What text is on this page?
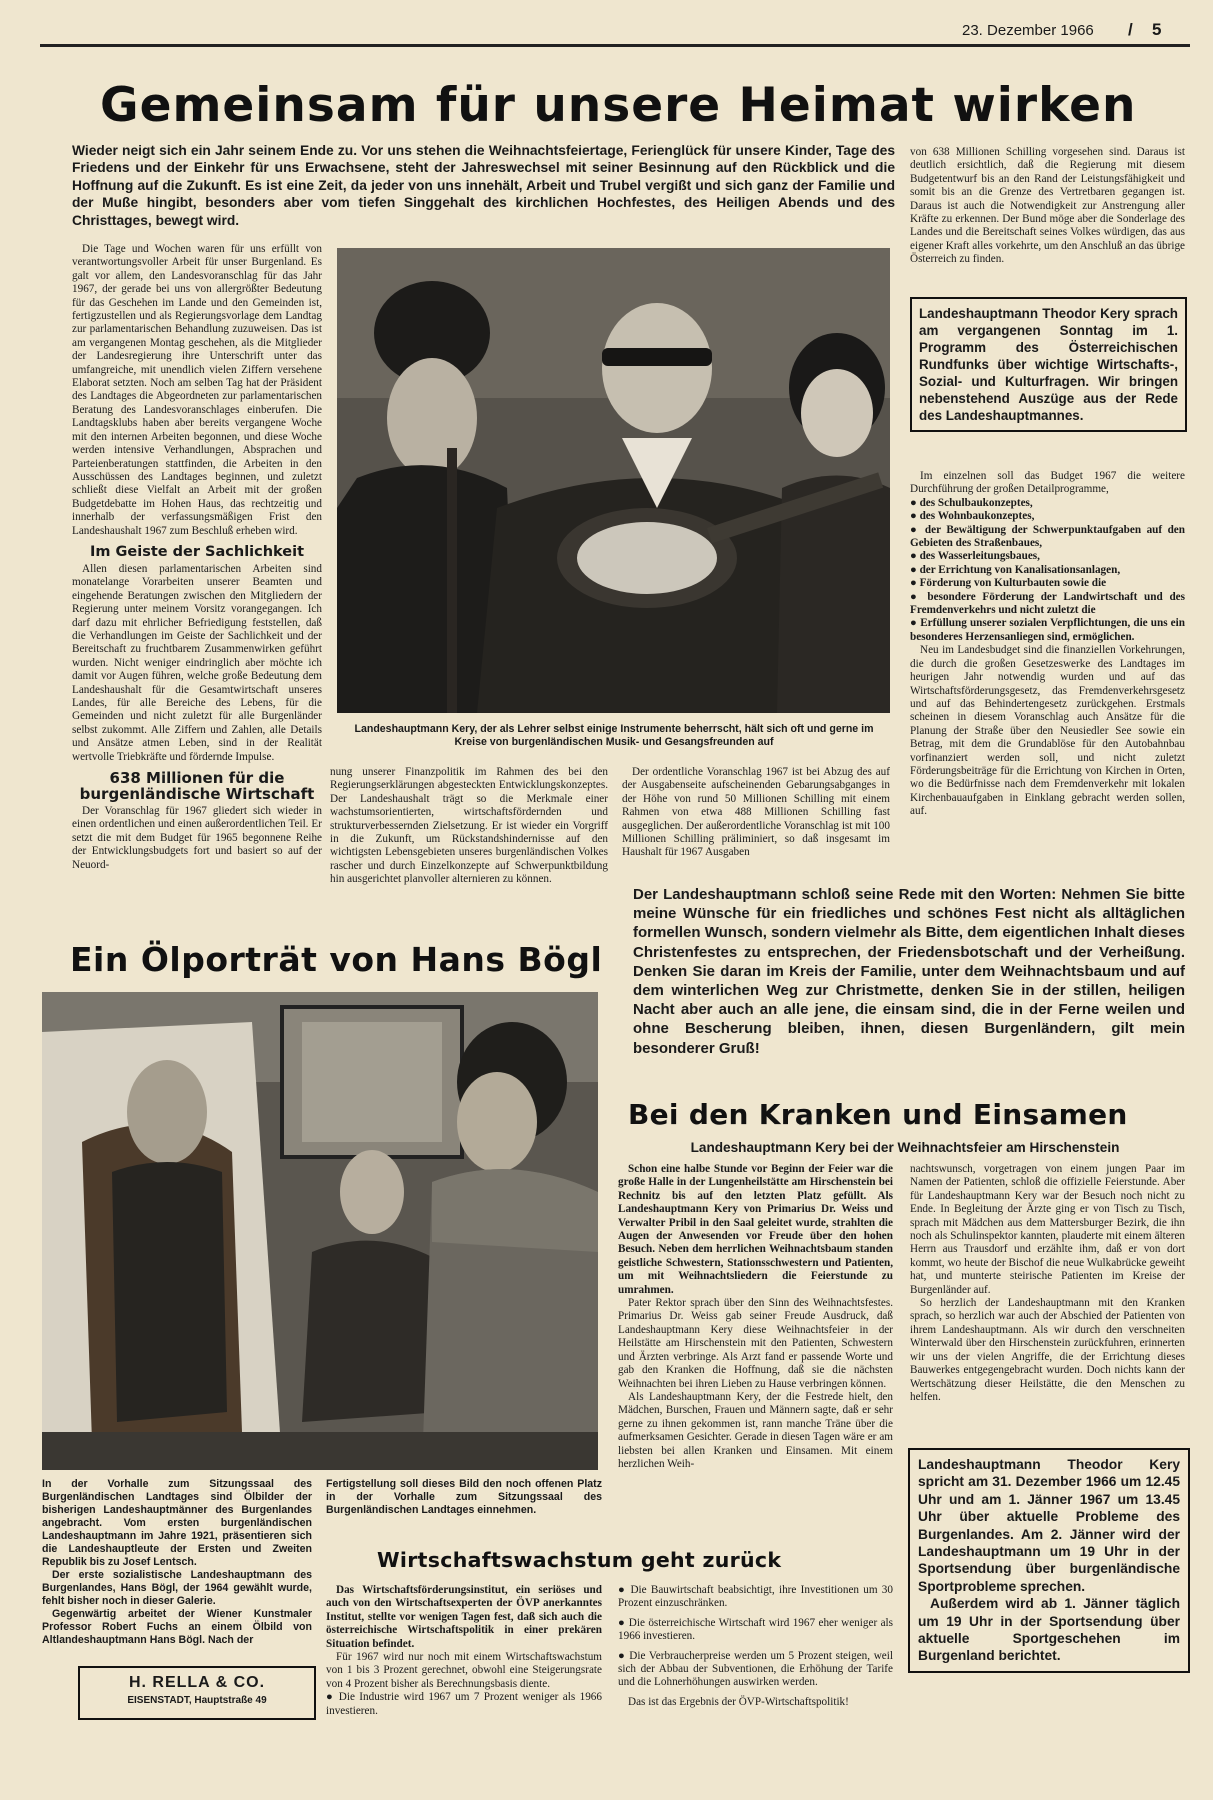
23. Dezember 1966 / 5
Gemeinsam für unsere Heimat wirken
Wieder neigt sich ein Jahr seinem Ende zu. Vor uns stehen die Weihnachtsfeiertage, Ferienglück für unsere Kinder, Tage des Friedens und der Einkehr für uns Erwachsene, steht der Jahreswechsel mit seiner Besinnung auf den Rückblick und die Hoffnung auf die Zukunft. Es ist eine Zeit, da jeder von uns innehält, Arbeit und Trubel vergißt und sich ganz der Familie und der Muße hingibt, besonders aber vom tiefen Singgehalt des kirchlichen Hochfestes, des Heiligen Abends und des Christtages, bewegt wird.

Die Tage und Wochen waren für uns erfüllt von verantwortungsvoller Arbeit für unser Burgenland. Es galt vor allem, den Landesvoranschlag für das Jahr 1967, der gerade bei uns von allergrößter Bedeutung für das Geschehen im Lande und den Gemeinden ist, fertigzustellen und als Regierungsvorlage dem Landtag zur parlamentarischen Behandlung zuzuweisen. Das ist am vergangenen Montag geschehen, als die Mitglieder der Landesregierung ihre Unterschrift unter das umfangreiche, mit unendlich vielen Ziffern versehene Elaborat setzten. Noch am selben Tag hat der Präsident des Landtages die Abgeordneten zur parlamentarischen Beratung des Landesvoranschlages einberufen. Die Landtagsklubs haben aber bereits vergangene Woche mit den internen Arbeiten begonnen, und diese Woche werden intensive Verhandlungen, Absprachen und Parteienberatungen stattfinden, die Arbeiten in den Ausschüssen des Landtages beginnen, und zuletzt schließt diese Vielfalt an Arbeit mit der großen Budgetdebatte im Hohen Haus, das rechtzeitig und innerhalb der verfassungsmäßigen Frist den Landeshaushalt 1967 zum Beschluß erheben wird.

Im Geiste der Sachlichkeit

Allen diesen parlamentarischen Arbeiten sind monatelange Vorarbeiten unserer Beamten und eingehende Beratungen zwischen den Mitgliedern der Regierung unter meinem Vorsitz vorangegangen. Ich darf dazu mit ehrlicher Befriedigung feststellen, daß die Verhandlungen im Geiste der Sachlichkeit und der Bereitschaft zu fruchtbarem Zusammenwirken geführt wurden. Nicht weniger eindringlich aber möchte ich damit vor Augen führen, welche große Bedeutung dem Landeshaushalt für die Gesamtwirtschaft unseres Landes, für alle Bereiche des Lebens, für die Gemeinden und nicht zuletzt für alle Burgenländer selbst zukommt. Alle Ziffern und Zahlen, alle Details und Ansätze atmen Leben, sind in der Realität wertvolle Triebkräfte und fördernde Impulse.

638 Millionen für die burgenländische Wirtschaft

Der Voranschlag für 1967 gliedert sich wieder in einen ordentlichen und einen außerordentlichen Teil. Er setzt die mit dem Budget für 1965 begonnene Reihe der Entwicklungsbudgets fort und basiert so auf der Neuord-

Landeshauptmann Kery, der als Lehrer selbst einige Instrumente beherrscht, hält sich oft und gerne im Kreise von burgenländischen Musik- und Gesangsfreunden auf

nung unserer Finanzpolitik im Rahmen des bei den Regierungserklärungen abgesteckten Entwicklungskonzeptes. Der Landeshaushalt trägt so die Merkmale einer wachstumsorientierten, wirtschaftsfördernden und strukturverbessernden Zielsetzung. Er ist wieder ein Vorgriff in die Zukunft, um Rückstandshindernisse auf den wichtigsten Lebensgebieten unseres burgenländischen Volkes rascher und durch Einzelkonzepte auf Schwerpunktbildung hin ausgerichtet planvoller alternieren zu können.

Der ordentliche Voranschlag 1967 ist bei Abzug des auf der Ausgabenseite aufscheinenden Gebarungsabganges in der Höhe von rund 50 Millionen Schilling mit einem Rahmen von etwa 488 Millionen Schilling fast ausgeglichen. Der außerordentliche Voranschlag ist mit 100 Millionen Schilling präliminiert, so daß insgesamt im Haushalt für 1967 Ausgaben

von 638 Millionen Schilling vorgesehen sind. Daraus ist deutlich ersichtlich, daß die Regierung mit diesem Budgetentwurf bis an den Rand der Leistungsfähigkeit und somit bis an die Grenze des Vertretbaren gegangen ist. Daraus ist auch die Notwendigkeit zur Anstrengung aller Kräfte zu erkennen. Der Bund möge aber die Sonderlage des Landes und die Bereitschaft seines Volkes würdigen, das aus eigener Kraft alles vorkehrte, um den Anschluß an das übrige Österreich zu finden.

Landeshauptmann Theodor Kery sprach am vergangenen Sonntag im 1. Programm des Österreichischen Rundfunks über wichtige Wirtschafts-, Sozial- und Kulturfragen. Wir bringen nebenstehend Auszüge aus der Rede des Landeshauptmannes.

Im einzelnen soll das Budget 1967 die weitere Durchführung der großen Detailprogramme,

● des Schulbaukonzeptes,
● des Wohnbaukonzeptes,
● der Bewältigung der Schwerpunktaufgaben auf den Gebieten des Straßenbaues,
● des Wasserleitungsbaues,
● der Errichtung von Kanalisationsanlagen,
● Förderung von Kulturbauten sowie die
● besondere Förderung der Landwirtschaft und des Fremdenverkehrs und nicht zuletzt die
● Erfüllung unserer sozialen Verpflichtungen, die uns ein besonderes Herzensanliegen sind, ermöglichen.

Neu im Landesbudget sind die finanziellen Vorkehrungen, die durch die großen Gesetzeswerke des Landtages im heurigen Jahr notwendig wurden und auf das Wirtschaftsförderungsgesetz, das Fremdenverkehrsgesetz und auf das Behindertengesetz zurückgehen. Erstmals scheinen in diesem Voranschlag auch Ansätze für die Planung der Straße über den Neusiedler See sowie ein Betrag, mit dem die Grundablöse für den Autobahnbau vorfinanziert werden soll, und nicht zuletzt Förderungsbeiträge für die Errichtung von Kirchen in Orten, wo die Bedürfnisse nach dem Fremdenverkehr mit lokalen Kirchenbauaufgaben in Einklang gebracht werden sollen, auf.

Der Landeshauptmann schloß seine Rede mit den Worten: Nehmen Sie bitte meine Wünsche für ein friedliches und schönes Fest nicht als alltäglichen formellen Wunsch, sondern vielmehr als Bitte, dem eigentlichen Inhalt dieses Christenfestes zu entsprechen, der Friedensbotschaft und der Verheißung. Denken Sie daran im Kreis der Familie, unter dem Weihnachtsbaum und auf dem winterlichen Weg zur Christmette, denken Sie in der stillen, heiligen Nacht aber auch an alle jene, die einsam sind, die in der Ferne weilen und ohne Bescherung bleiben, ihnen, diesen Burgenländern, gilt mein besonderer Gruß!
Ein Ölporträt von Hans Bögl

In der Vorhalle zum Sitzungssaal des Burgenländischen Landtages sind Ölbilder der bisherigen Landeshauptmänner des Burgenlandes angebracht. Vom ersten burgenländischen Landeshauptmann im Jahre 1921, präsentieren sich die Landeshauptleute der Ersten und Zweiten Republik bis zu Josef Lentsch.

Der erste sozialistische Landeshauptmann des Burgenlandes, Hans Bögl, der 1964 gewählt wurde, fehlt bisher noch in dieser Galerie.

Gegenwärtig arbeitet der Wiener Kunstmaler Professor Robert Fuchs an einem Ölbild von Altlandeshauptmann Hans Bögl. Nach der

Fertigstellung soll dieses Bild den noch offenen Platz in der Vorhalle zum Sitzungssaal des Burgenländischen Landtages einnehmen.

H. RELLA & CO.
EISENSTADT, Hauptstraße 49
Bei den Kranken und Einsamen
Landeshauptmann Kery bei der Weihnachtsfeier am Hirschenstein

Schon eine halbe Stunde vor Beginn der Feier war die große Halle in der Lungenheilstätte am Hirschenstein bei Rechnitz bis auf den letzten Platz gefüllt. Als Landeshauptmann Kery von Primarius Dr. Weiss und Verwalter Pribil in den Saal geleitet wurde, strahlten die Augen der Anwesenden vor Freude über den hohen Besuch. Neben dem herrlichen Weihnachtsbaum standen geistliche Schwestern, Stationsschwestern und Patienten, um mit Weihnachtsliedern die Feierstunde zu umrahmen.

Pater Rektor sprach über den Sinn des Weihnachtsfestes. Primarius Dr. Weiss gab seiner Freude Ausdruck, daß Landeshauptmann Kery diese Weihnachtsfeier in der Heilstätte am Hirschenstein mit den Patienten, Schwestern und Ärzten verbringe. Als Arzt fand er passende Worte und gab den Kranken die Hoffnung, daß sie die nächsten Weihnachten bei ihren Lieben zu Hause verbringen können.

Als Landeshauptmann Kery, der die Festrede hielt, den Mädchen, Burschen, Frauen und Männern sagte, daß er sehr gerne zu ihnen gekommen ist, rann manche Träne über die aufmerksamen Gesichter. Gerade in diesen Tagen wäre er am liebsten bei allen Kranken und Einsamen. Mit einem herzlichen Weih-

nachtswunsch, vorgetragen von einem jungen Paar im Namen der Patienten, schloß die offizielle Feierstunde. Aber für Landeshauptmann Kery war der Besuch noch nicht zu Ende. In Begleitung der Ärzte ging er von Tisch zu Tisch, sprach mit Mädchen aus dem Mattersburger Bezirk, die ihn noch als Schulinspektor kannten, plauderte mit einem älteren Herrn aus Trausdorf und erzählte ihm, daß er von dort kommt, wo heute der Bischof die neue Wulkabrücke geweiht hat, und munterte steirische Patienten im Kreise der Burgenländer auf.

So herzlich der Landeshauptmann mit den Kranken sprach, so herzlich war auch der Abschied der Patienten von ihrem Landeshauptmann. Als wir durch den verschneiten Winterwald über den Hirschenstein zurückfuhren, erinnerten wir uns der vielen Angriffe, die der Errichtung dieses Bauwerkes entgegengebracht wurden. Doch nichts kann der Wertschätzung dieser Heilstätte, die den Menschen zu helfen.

Landeshauptmann Theodor Kery spricht am 31. Dezember 1966 um 12.45 Uhr und am 1. Jänner 1967 um 13.45 Uhr über aktuelle Probleme des Burgenlandes. Am 2. Jänner wird der Landeshauptmann um 19 Uhr in der Sportsendung über burgenländische Sportprobleme sprechen.
Außerdem wird ab 1. Jänner täglich um 19 Uhr in der Sportsendung über aktuelle Sportgeschehen im Burgenland berichtet.
Wirtschaftswachstum geht zurück

Das Wirtschaftsförderungsinstitut, ein seriöses und auch von den Wirtschaftsexperten der ÖVP anerkanntes Institut, stellte vor wenigen Tagen fest, daß sich auch die österreichische Wirtschaftspolitik in einer prekären Situation befindet.

Für 1967 wird nur noch mit einem Wirtschaftswachstum von 1 bis 3 Prozent gerechnet, obwohl eine Steigerungsrate von 4 Prozent bisher als Berechnungsbasis diente.

● Die Industrie wird 1967 um 7 Prozent weniger als 1966 investieren.
● Die Bauwirtschaft beabsichtigt, ihre Investitionen um 30 Prozent einzuschränken.
● Die österreichische Wirtschaft wird 1967 eher weniger als 1966 investieren.
● Die Verbraucherpreise werden um 5 Prozent steigen, weil sich der Abbau der Subventionen, die Erhöhung der Tarife und die Lohnerhöhungen auswirken werden.

Das ist das Ergebnis der ÖVP-Wirtschaftspolitik!
